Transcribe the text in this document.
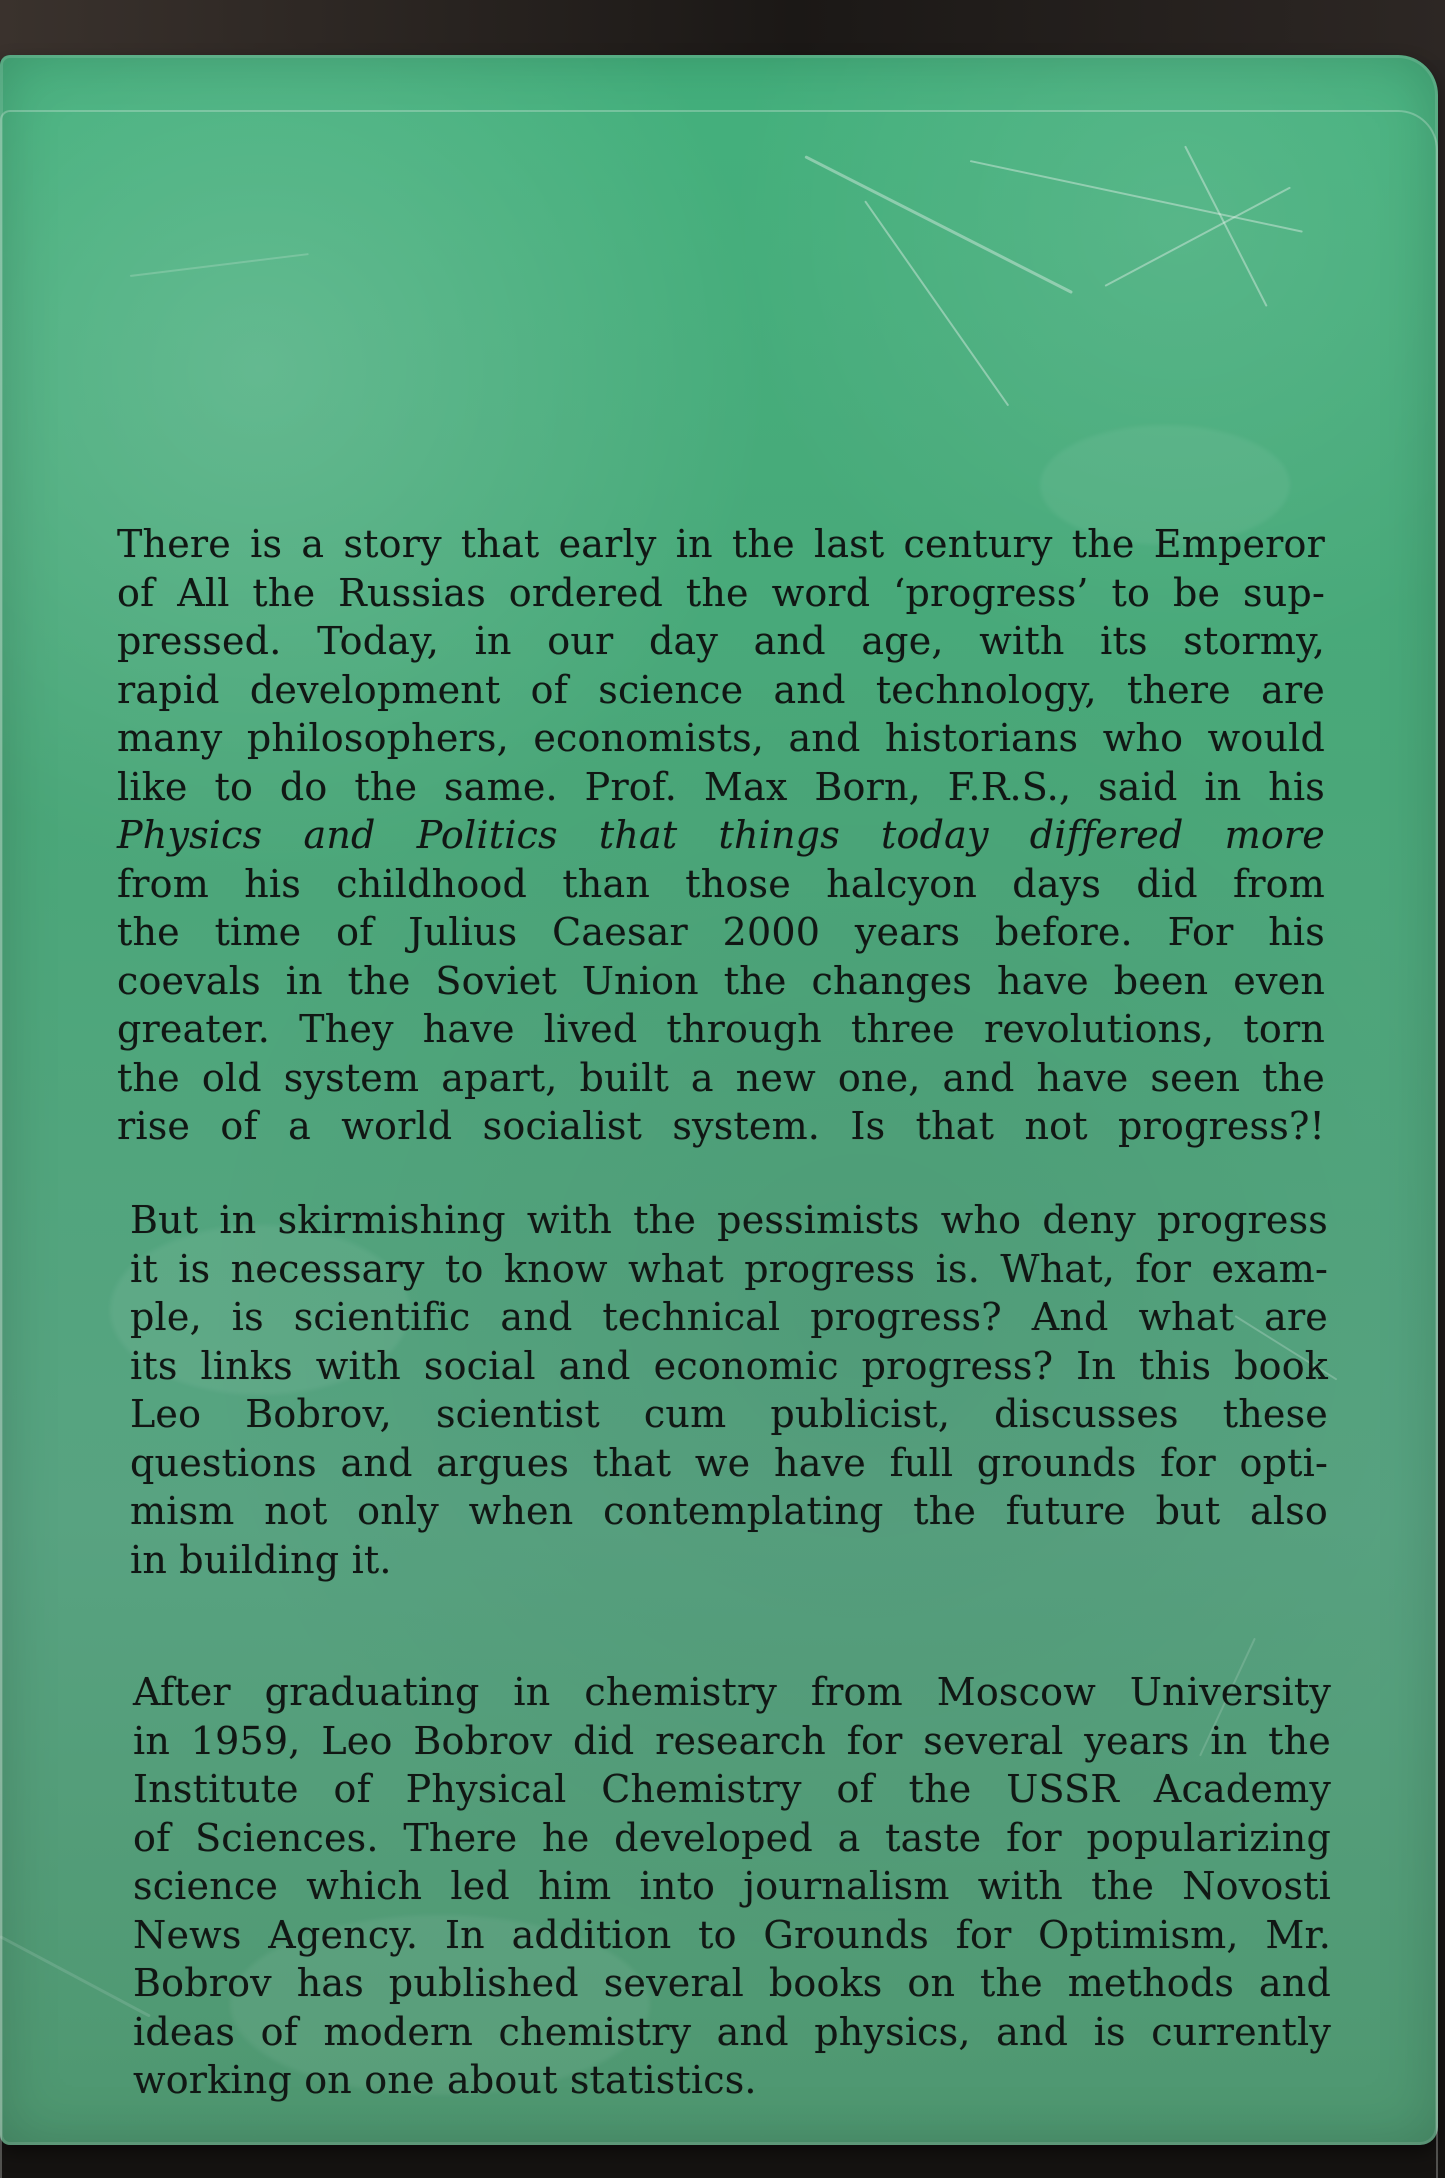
There is a story that early in the last century the Emperor
of All the Russias ordered the word ‘progress’ to be sup-
pressed. Today, in our day and age, with its stormy,
rapid development of science and technology, there are
many philosophers, economists, and historians who would
like to do the same. Prof. Max Born, F.R.S., said in his
Physics and Politics that things today differed more
from his childhood than those halcyon days did from
the time of Julius Caesar 2000 years before. For his
coevals in the Soviet Union the changes have been even
greater. They have lived through three revolutions, torn
the old system apart, built a new one, and have seen the
rise of a world socialist system. Is that not progress?!
But in skirmishing with the pessimists who deny progress
it is necessary to know what progress is. What, for exam-
ple, is scientific and technical progress? And what are
its links with social and economic progress? In this book
Leo Bobrov, scientist cum publicist, discusses these
questions and argues that we have full grounds for opti-
mism not only when contemplating the future but also
in building it.
After graduating in chemistry from Moscow University
in 1959, Leo Bobrov did research for several years in the
Institute of Physical Chemistry of the USSR Academy
of Sciences. There he developed a taste for popularizing
science which led him into journalism with the Novosti
News Agency. In addition to Grounds for Optimism, Mr.
Bobrov has published several books on the methods and
ideas of modern chemistry and physics, and is currently
working on one about statistics.
